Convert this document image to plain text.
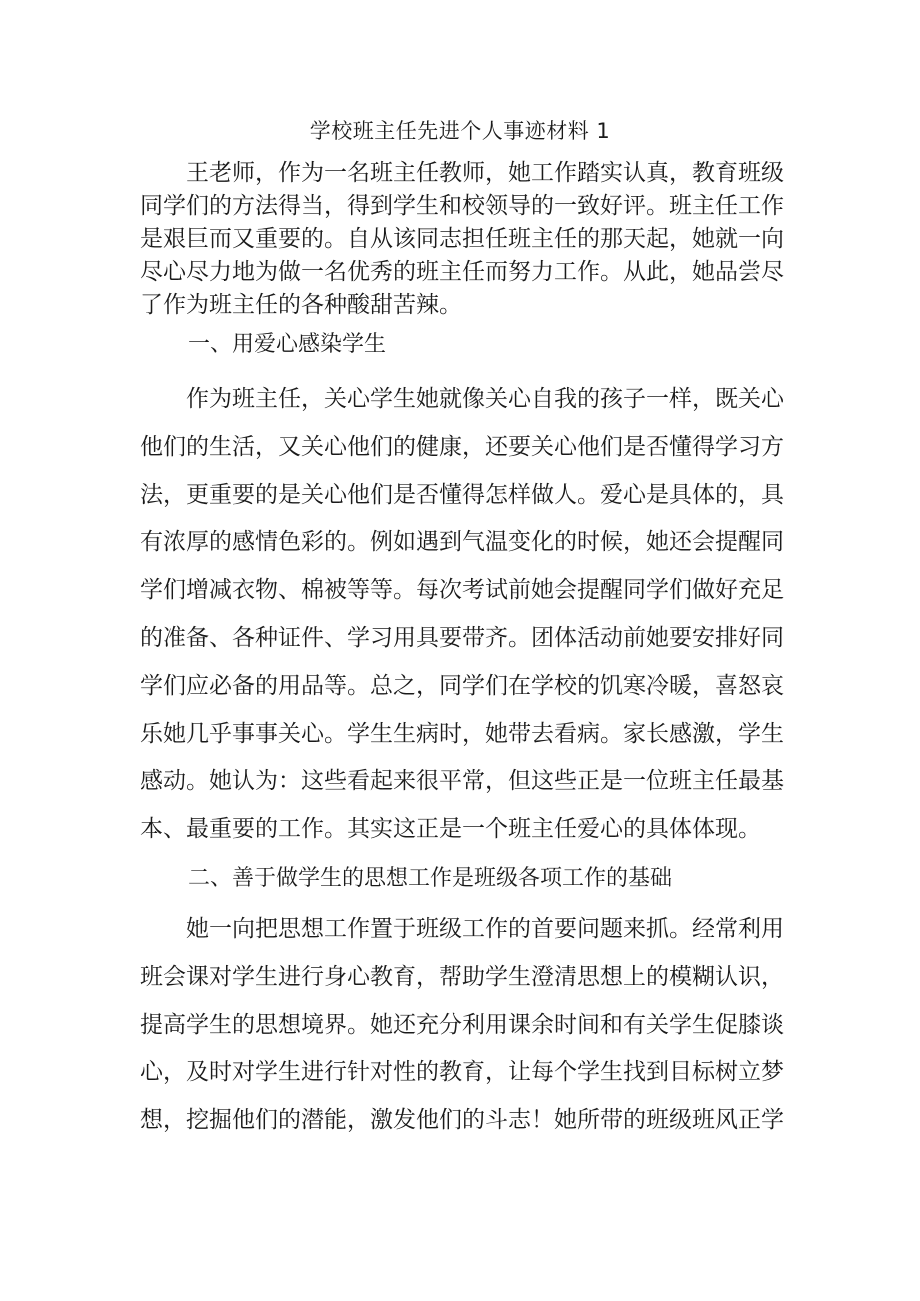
学校班主任先进个人事迹材料 1
王老师，作为一名班主任教师，她工作踏实认真，教育班级
同学们的方法得当，得到学生和校领导的一致好评。班主任工作
是艰巨而又重要的。自从该同志担任班主任的那天起，她就一向
尽心尽力地为做一名优秀的班主任而努力工作。从此，她品尝尽
了作为班主任的各种酸甜苦辣。
一、用爱心感染学生
作为班主任，关心学生她就像关心自我的孩子一样，既关心
他们的生活，又关心他们的健康，还要关心他们是否懂得学习方
法，更重要的是关心他们是否懂得怎样做人。爱心是具体的，具
有浓厚的感情色彩的。例如遇到气温变化的时候，她还会提醒同
学们增减衣物、棉被等等。每次考试前她会提醒同学们做好充足
的准备、各种证件、学习用具要带齐。团体活动前她要安排好同
学们应必备的用品等。总之，同学们在学校的饥寒冷暖，喜怒哀
乐她几乎事事关心。学生生病时，她带去看病。家长感激，学生
感动。她认为：这些看起来很平常，但这些正是一位班主任最基
本、最重要的工作。其实这正是一个班主任爱心的具体体现。
二、善于做学生的思想工作是班级各项工作的基础
她一向把思想工作置于班级工作的首要问题来抓。经常利用
班会课对学生进行身心教育，帮助学生澄清思想上的模糊认识，
提高学生的思想境界。她还充分利用课余时间和有关学生促膝谈
心，及时对学生进行针对性的教育，让每个学生找到目标树立梦
想，挖掘他们的潜能，激发他们的斗志！她所带的班级班风正学
